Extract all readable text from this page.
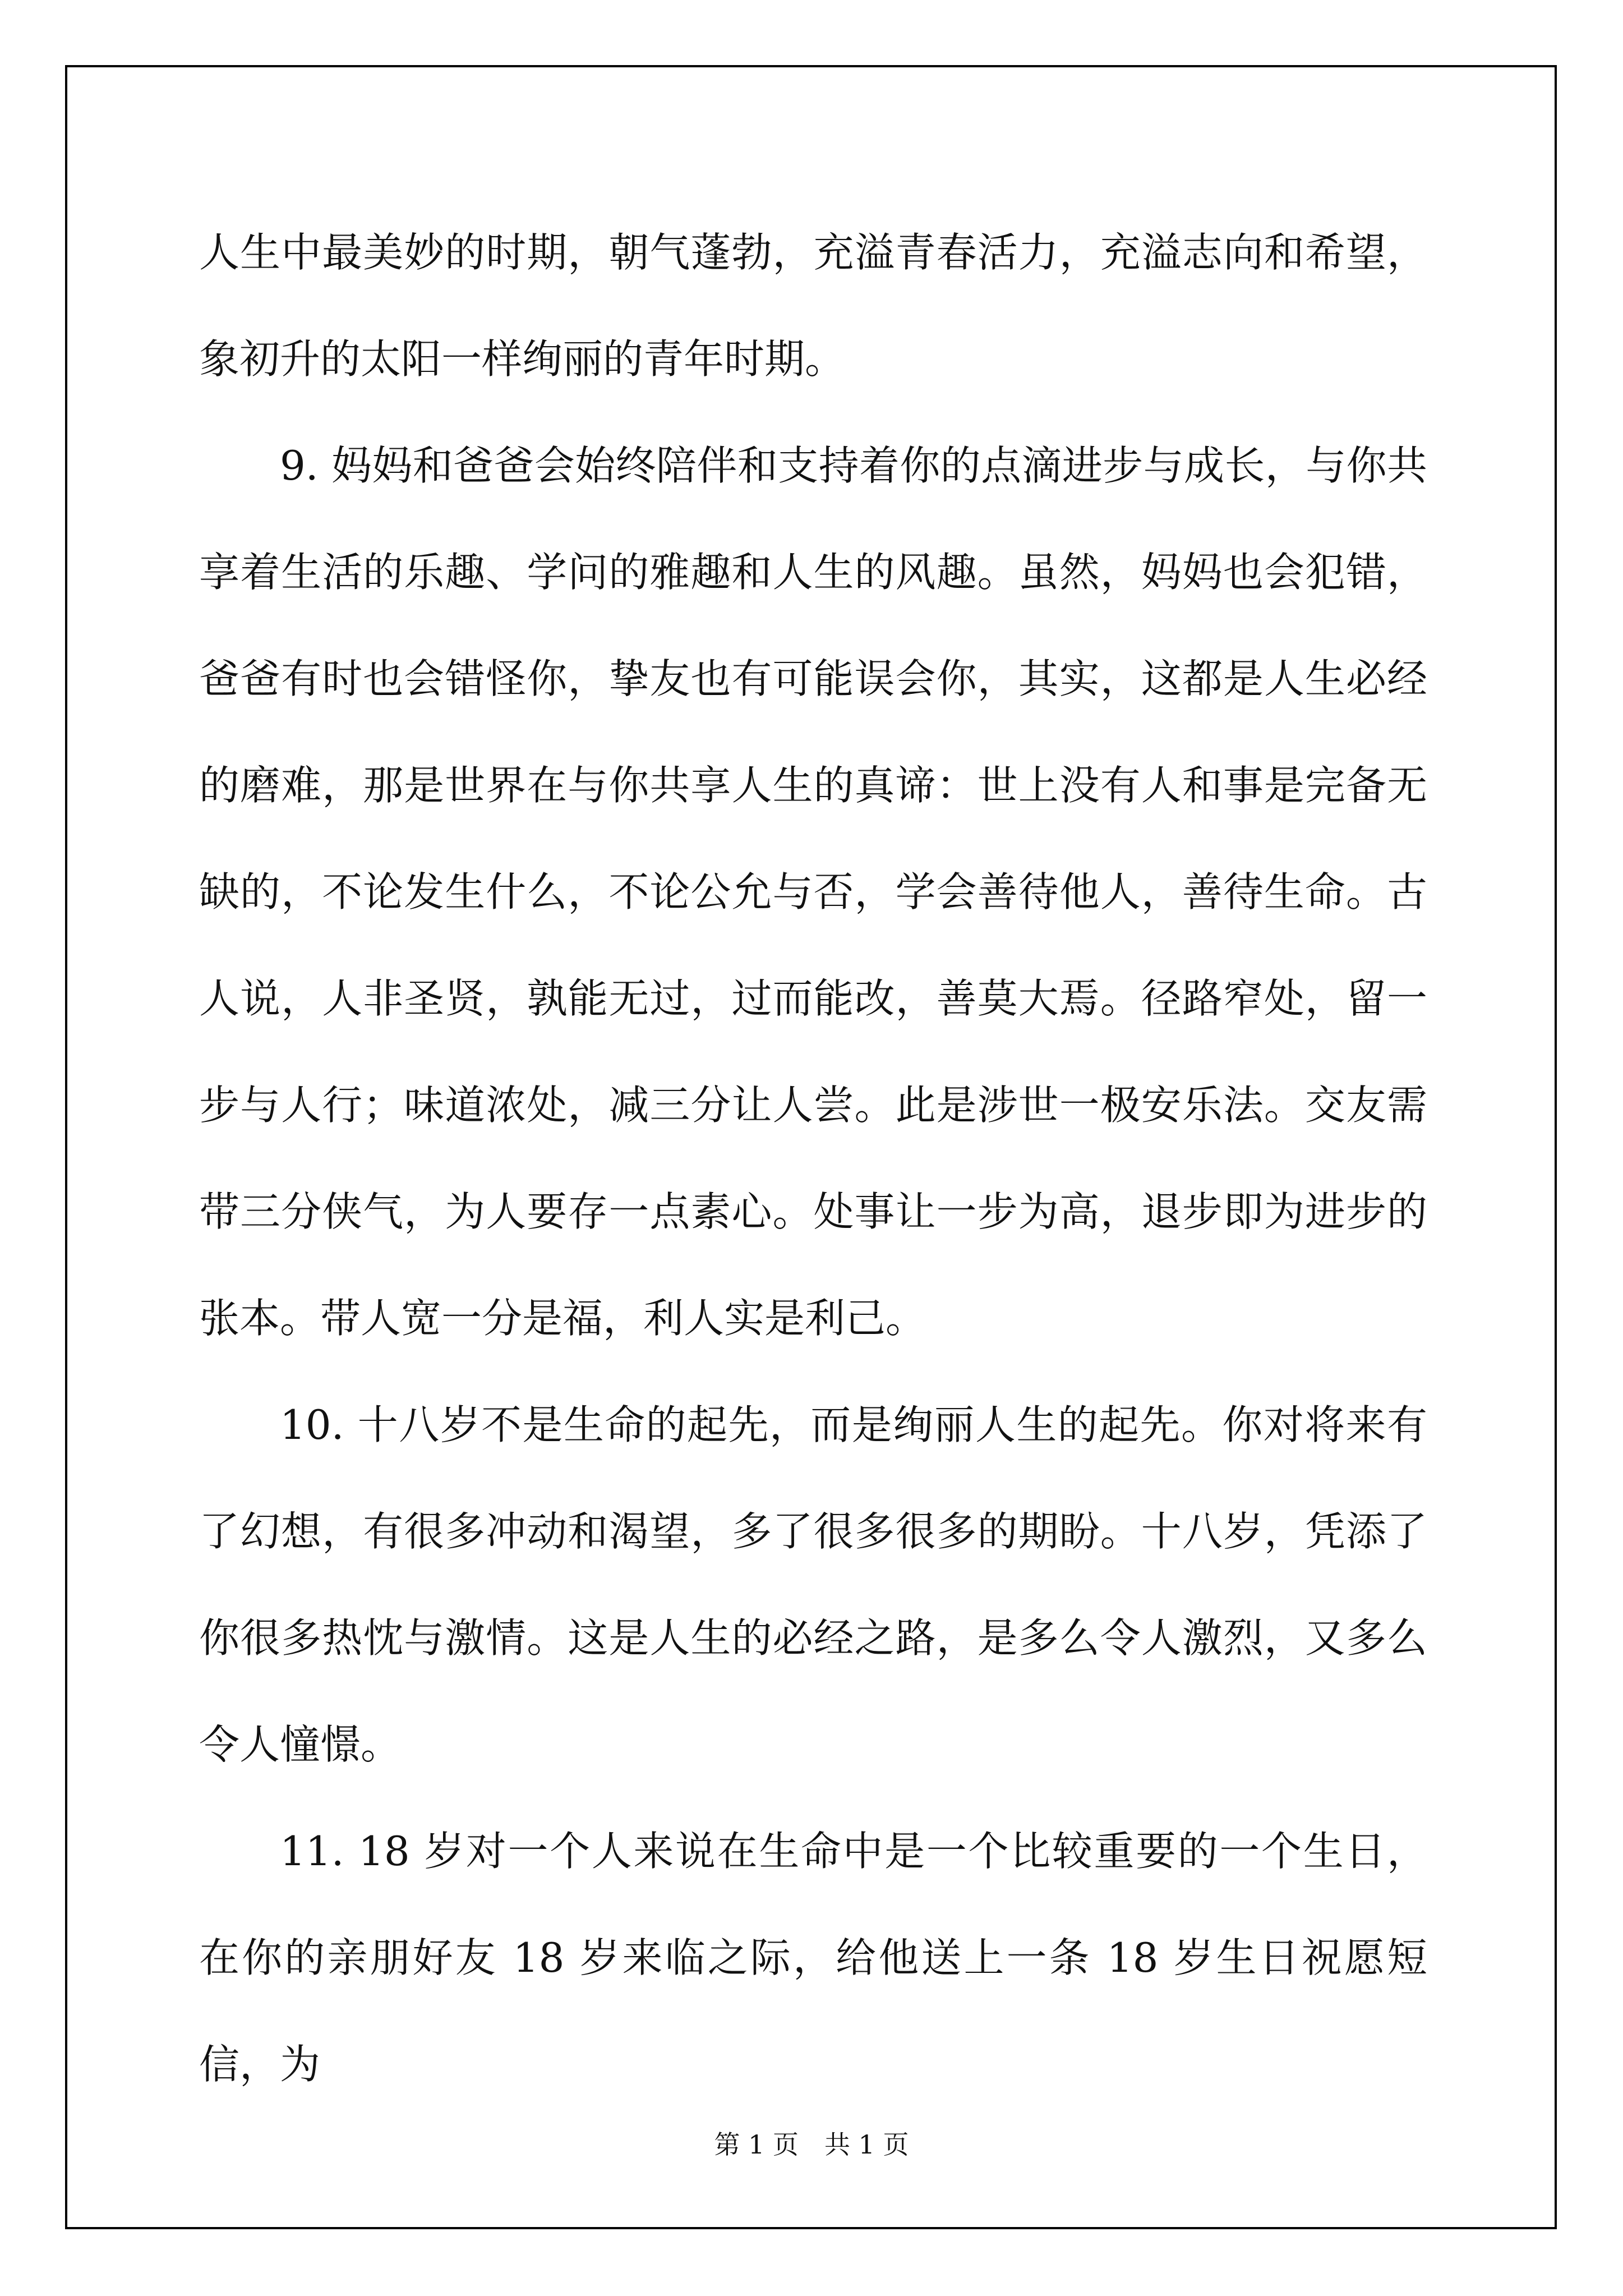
人生中最美妙的时期，朝气蓬勃，充溢青春活力，充溢志向和希望，象初升的太阳一样绚丽的青年时期。

9. 妈妈和爸爸会始终陪伴和支持着你的点滴进步与成长，与你共享着生活的乐趣、学问的雅趣和人生的风趣。虽然，妈妈也会犯错，爸爸有时也会错怪你，挚友也有可能误会你，其实，这都是人生必经的磨难，那是世界在与你共享人生的真谛：世上没有人和事是完备无缺的，不论发生什么，不论公允与否，学会善待他人，善待生命。古人说，人非圣贤，孰能无过，过而能改，善莫大焉。径路窄处，留一步与人行；味道浓处，减三分让人尝。此是涉世一极安乐法。交友需带三分侠气，为人要存一点素心。处事让一步为高，退步即为进步的张本。带人宽一分是福，利人实是利己。

10. 十八岁不是生命的起先，而是绚丽人生的起先。你对将来有了幻想，有很多冲动和渴望，多了很多很多的期盼。十八岁，凭添了你很多热忱与激情。这是人生的必经之路，是多么令人激烈，又多么令人憧憬。

11. 18 岁对一个人来说在生命中是一个比较重要的一个生日，在你的亲朋好友 18 岁来临之际，给他送上一条 18 岁生日祝愿短信，为

第 1 页 共 1 页
